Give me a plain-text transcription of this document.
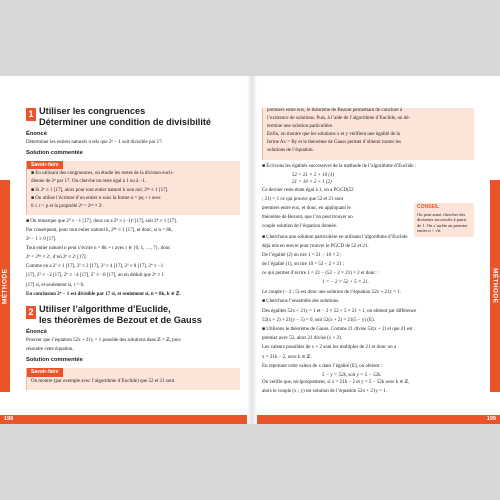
MÉTHODE	MÉTHODE
198	199
1 Utiliser les congruences
Déterminer une condition de divisibilité
Énoncé
Déterminer les entiers naturels n tels que 2ⁿ − 1 soit divisible par 17.
Solution commentée
Savoir-faire
■ En utilisant des congruences, on étudie les restes de la division eucli-
dienne de 2ⁿ par 17. On cherche un reste égal à 1 ou à −1.
■ Si 2ᵖ ≡ 1 [17], alors pour tout entier naturel k non nul, 2ᵏᵖ ≡ 1 [17].
■ On utilise l’écriture d’un entier n sous la forme n = pq + r avec
0 ≤ r < p et la propriété 2ⁿ = 2ᵖᵠ × 2ʳ.
■ On remarque que 2⁴ ≡ −1 [17], donc on a 2⁸ ≡ (−1)² [17], soit 2⁸ ≡ 1 [17].
Par conséquent, pour tout entier naturel k, 2⁸ᵏ ≡ 1 [17], et donc, si n = 8k,
2ⁿ − 1 ≡ 0 [17].
Tout entier naturel n peut s’écrire n = 8k + r avec r ∈ {0, 1, …, 7}, donc
2ⁿ = 2⁸ᵏ × 2ʳ, d’où 2ⁿ ≡ 2ʳ [17].
Comme on a 2¹ ≡ 1 [17], 2¹ ≡ 2 [17], 2² ≡ 4 [17], 2³ ≡ 8 [17], 2⁴ ≡ −1
[17], 2⁵ ≡ −2 [17], 2⁶ ≡ −4 [17], 2⁷ ≡ −8 [17], on en déduit que 2ⁿ ≡ 1
[17] si, et seulement si, r = 0.
En conclusion 2ⁿ − 1 est divisible par 17 si, et seulement si, n = 8k, k ∈ ℤ.
2 Utiliser l’algorithme d’Euclide,
les théorèmes de Bezout et de Gauss
Énoncé
Prouver que l’équation 52x + 21y = 1 possède des solutions dans ℤ × ℤ, puis
résoudre cette équation.
Solution commentée
Savoir-faire
On montre (par exemple avec l’algorithme d’Euclide) que 52 et 21 sont
premiers entre eux, le théorème de Bezout permettant de conclure à
l’existence de solutions. Puis, à l’aide de l’algorithme d’Euclide, on dé-
termine une solution particulière.
Enfin, on montre que les solutions x et y vérifient une égalité de la
forme Ax = By et le théorème de Gauss permet d’obtenir toutes les
solutions de l’équation.
■ Écrivons les égalités successives de la méthode de l’algorithme d’Euclide :
52 = 21 × 2 + 10 (1)
21 = 10 × 2 + 1 (2)
Ce dernier reste étant égal à 1, on a PGCD(52
; 21) = 1 ce qui prouve que 52 et 21 sont
premiers entre eux, et donc, en appliquant le
théorème de Bezout, que l’on peut trouver un
couple solution de l’équation donnée.
CONSEIL
On peut aussi chercher des
diviseurs successifs à partir
de 1. On s’arrête au premier
entier n < √n̄.
■ Cherchons une solution particulière en utilisant l’algorithme d’Euclide
déjà mis en œuvre pour trouver le PGCD de 52 et 21.
De l’égalité (2) on tire 1 = 21 − 10 × 2 ;
de l’égalité (1), on tire 10 = 52 − 2 × 21 ;
ce qui permet d’écrire 1 = 21 − (52 − 2 × 21) × 2 et donc :
1 = − 2 × 52 + 5 × 21.
Le couple (− 2 ; 5) est donc une solution de l’équation 52x + 21y = 1.
■ Cherchons l’ensemble des solutions.
Des égalités 52x + 21y = 1 et − 2 × 52 + 5 × 21 = 1, on obtient par différence
52(x + 2) + 21(y − 5) = 0, soit 52(x + 2) = 21(5 − y) (E).
■ Utilisons le théorème de Gauss. Comme 21 divise 52(x + 2) et que 21 est
premier avec 52, alors 21 divise (x + 2).
Les valeurs possibles de x + 2 sont les multiples de 21 et donc on a
x = 21k − 2, avec k ∈ ℤ.
En reportant cette valeur de x dans l’égalité (E), on obtient :
5 − y = 52k, soit y = 5 − 52k.
On vérifie que, réciproquement, si x = 21k − 2 et y = 5 − 52k avec k ∈ ℤ,
alors le couple (x ; y) est solution de l’équation 52x + 21y = 1.
